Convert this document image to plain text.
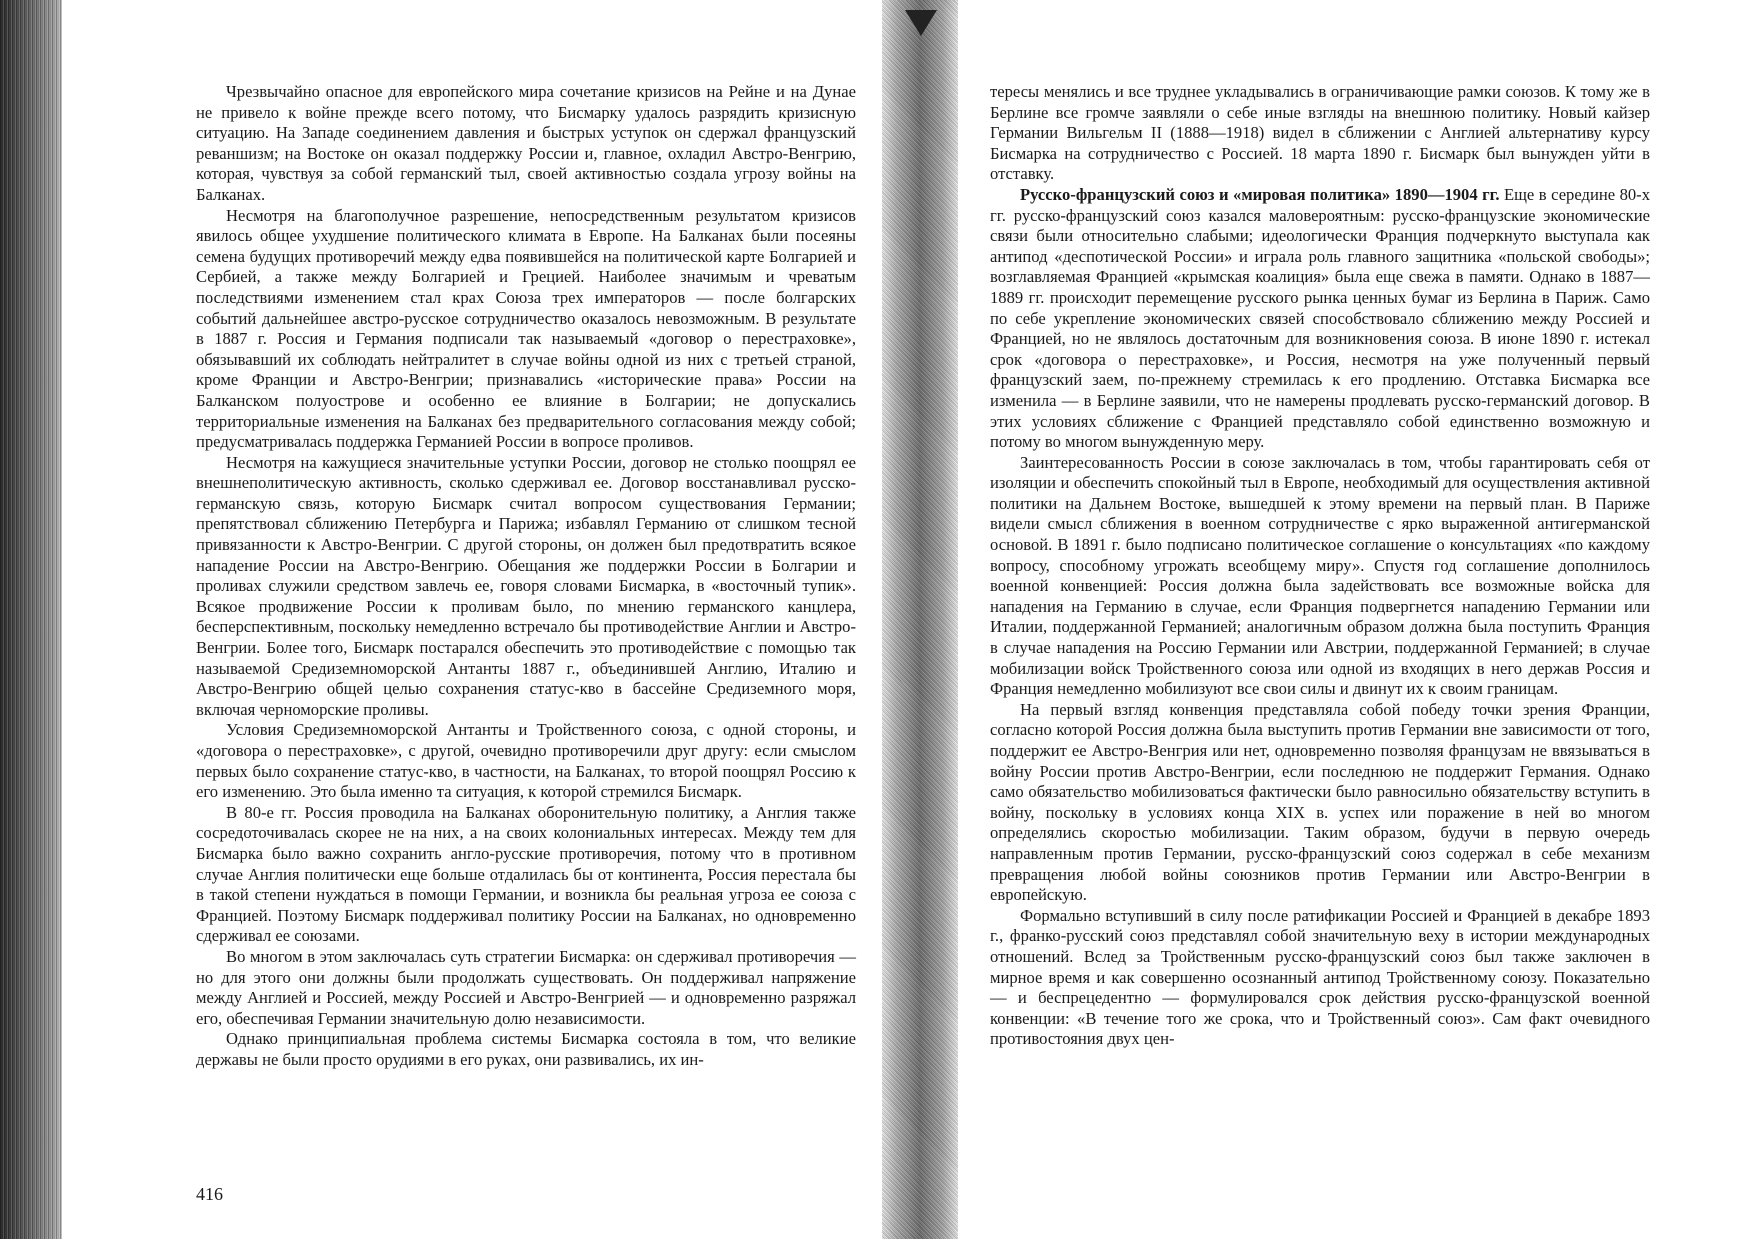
Чрезвычайно опасное для европейского мира сочетание кризисов на Рейне и на Дунае не привело к войне прежде всего потому, что Бисмарку удалось разрядить кризисную ситуацию. На Западе соединением давления и быстрых уступок он сдержал французский реваншизм; на Востоке он оказал поддержку России и, главное, охладил Австро-Венгрию, которая, чувствуя за собой германский тыл, своей активностью создала угрозу войны на Балканах.

Несмотря на благополучное разрешение, непосредственным результатом кризисов явилось общее ухудшение политического климата в Европе. На Балканах были посеяны семена будущих противоречий между едва появившейся на политической карте Болгарией и Сербией, а также между Болгарией и Грецией. Наиболее значимым и чреватым последствиями изменением стал крах Союза трех императоров — после болгарских событий дальнейшее австро-русское сотрудничество оказалось невозможным. В результате в 1887 г. Россия и Германия подписали так называемый «договор о перестраховке», обязывавший их соблюдать нейтралитет в случае войны одной из них с третьей страной, кроме Франции и Австро-Венгрии; признавались «исторические права» России на Балканском полуострове и особенно ее влияние в Болгарии; не допускались территориальные изменения на Балканах без предварительного согласования между собой; предусматривалась поддержка Германией России в вопросе проливов.

Несмотря на кажущиеся значительные уступки России, договор не столько поощрял ее внешнеполитическую активность, сколько сдерживал ее. Договор восстанавливал русско-германскую связь, которую Бисмарк считал вопросом существования Германии; препятствовал сближению Петербурга и Парижа; избавлял Германию от слишком тесной привязанности к Австро-Венгрии. С другой стороны, он должен был предотвратить всякое нападение России на Австро-Венгрию. Обещания же поддержки России в Болгарии и проливах служили средством завлечь ее, говоря словами Бисмарка, в «восточный тупик». Всякое продвижение России к проливам было, по мнению германского канцлера, бесперспективным, поскольку немедленно встречало бы противодействие Англии и Австро-Венгрии. Более того, Бисмарк постарался обеспечить это противодействие с помощью так называемой Средиземноморской Антанты 1887 г., объединившей Англию, Италию и Австро-Венгрию общей целью сохранения статус-кво в бассейне Средиземного моря, включая черноморские проливы.

Условия Средиземноморской Антанты и Тройственного союза, с одной стороны, и «договора о перестраховке», с другой, очевидно противоречили друг другу: если смыслом первых было сохранение статус-кво, в частности, на Балканах, то второй поощрял Россию к его изменению. Это была именно та ситуация, к которой стремился Бисмарк.

В 80-е гг. Россия проводила на Балканах оборонительную политику, а Англия также сосредоточивалась скорее не на них, а на своих колониальных интересах. Между тем для Бисмарка было важно сохранить англо-русские противоречия, потому что в противном случае Англия политически еще больше отдалилась бы от континента, Россия перестала бы в такой степени нуждаться в помощи Германии, и возникла бы реальная угроза ее союза с Францией. Поэтому Бисмарк поддерживал политику России на Балканах, но одновременно сдерживал ее союзами.

Во многом в этом заключалась суть стратегии Бисмарка: он сдерживал противоречия — но для этого они должны были продолжать существовать. Он поддерживал напряжение между Англией и Россией, между Россией и Австро-Венгрией — и одновременно разряжал его, обеспечивая Германии значительную долю независимости.

Однако принципиальная проблема системы Бисмарка состояла в том, что великие державы не были просто орудиями в его руках, они развивались, их ин-

416

тересы менялись и все труднее укладывались в ограничивающие рамки союзов. К тому же в Берлине все громче заявляли о себе иные взгляды на внешнюю политику. Новый кайзер Германии Вильгельм II (1888—1918) видел в сближении с Англией альтернативу курсу Бисмарка на сотрудничество с Россией. 18 марта 1890 г. Бисмарк был вынужден уйти в отставку.

Русско-французский союз и «мировая политика» 1890—1904 гг. Еще в середине 80-х гг. русско-французский союз казался маловероятным: русско-французские экономические связи были относительно слабыми; идеологически Франция подчеркнуто выступала как антипод «деспотической России» и играла роль главного защитника «польской свободы»; возглавляемая Францией «крымская коалиция» была еще свежа в памяти. Однако в 1887—1889 гг. происходит перемещение русского рынка ценных бумаг из Берлина в Париж. Само по себе укрепление экономических связей способствовало сближению между Россией и Францией, но не являлось достаточным для возникновения союза. В июне 1890 г. истекал срок «договора о перестраховке», и Россия, несмотря на уже полученный первый французский заем, по-прежнему стремилась к его продлению. Отставка Бисмарка все изменила — в Берлине заявили, что не намерены продлевать русско-германский договор. В этих условиях сближение с Францией представляло собой единственно возможную и потому во многом вынужденную меру.

Заинтересованность России в союзе заключалась в том, чтобы гарантировать себя от изоляции и обеспечить спокойный тыл в Европе, необходимый для осуществления активной политики на Дальнем Востоке, вышедшей к этому времени на первый план. В Париже видели смысл сближения в военном сотрудничестве с ярко выраженной антигерманской основой. В 1891 г. было подписано политическое соглашение о консультациях «по каждому вопросу, способному угрожать всеобщему миру». Спустя год соглашение дополнилось военной конвенцией: Россия должна была задействовать все возможные войска для нападения на Германию в случае, если Франция подвергнется нападению Германии или Италии, поддержанной Германией; аналогичным образом должна была поступить Франция в случае нападения на Россию Германии или Австрии, поддержанной Германией; в случае мобилизации войск Тройственного союза или одной из входящих в него держав Россия и Франция немедленно мобилизуют все свои силы и двинут их к своим границам.

На первый взгляд конвенция представляла собой победу точки зрения Франции, согласно которой Россия должна была выступить против Германии вне зависимости от того, поддержит ее Австро-Венгрия или нет, одновременно позволяя французам не ввязываться в войну России против Австро-Венгрии, если последнюю не поддержит Германия. Однако само обязательство мобилизоваться фактически было равносильно обязательству вступить в войну, поскольку в условиях конца XIX в. успех или поражение в ней во многом определялись скоростью мобилизации. Таким образом, будучи в первую очередь направленным против Германии, русско-французский союз содержал в себе механизм превращения любой войны союзников против Германии или Австро-Венгрии в европейскую.

Формально вступивший в силу после ратификации Россией и Францией в декабре 1893 г., франко-русский союз представлял собой значительную веху в истории международных отношений. Вслед за Тройственным русско-французский союз был также заключен в мирное время и как совершенно осознанный антипод Тройственному союзу. Показательно — и беспрецедентно — формулировался срок действия русско-французской военной конвенции: «В течение того же срока, что и Тройственный союз». Сам факт очевидного противостояния двух цен-
